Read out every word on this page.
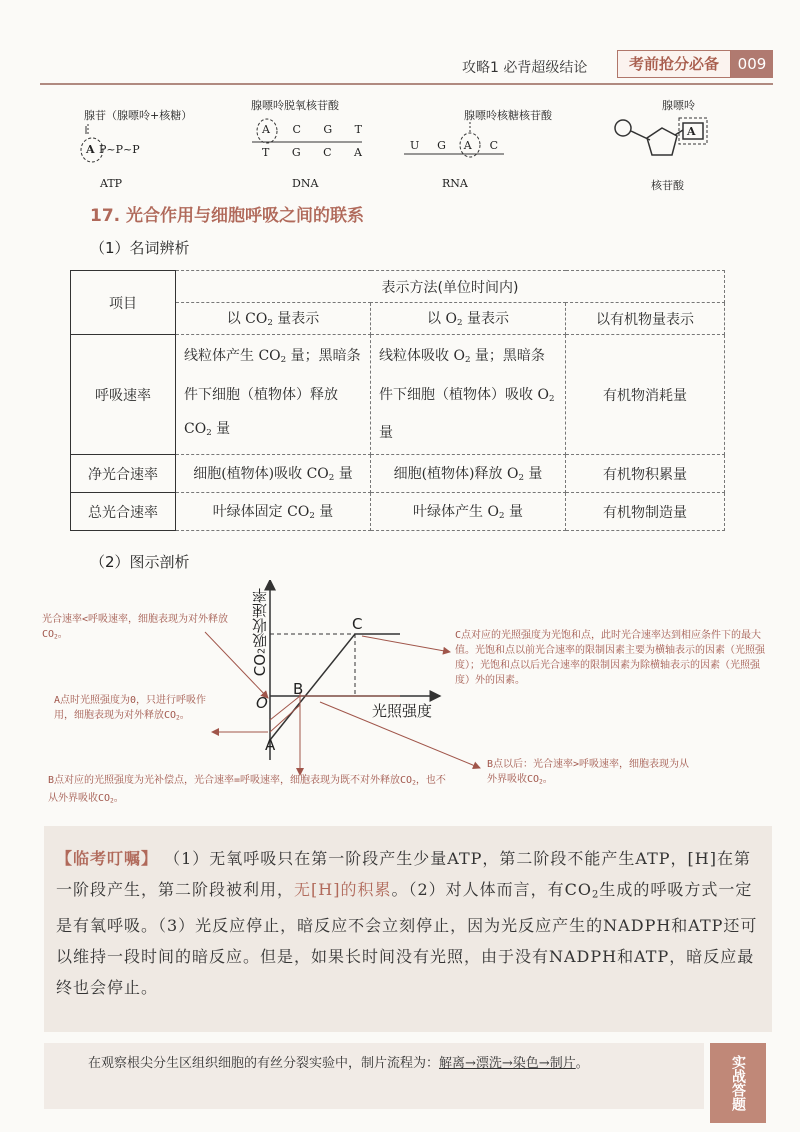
攻略1 必背超级结论	考前抢分必备	009
腺苷（腺嘌呤+核糖）
A P~P~P
ATP
腺嘌呤脱氧核苷酸
A C G T
T G C A
DNA
腺嘌呤核糖核苷酸
U G A C
RNA
腺嘌呤
A
核苷酸
17. 光合作用与细胞呼吸之间的联系
（1）名词辨析
项目	表示方法(单位时间内)		
	以 $CO_2$ 量表示	以 $O_2$ 量表示	以有机物量表示
呼吸速率	线粒体产生 $CO_2$ 量；黑暗条件下细胞（植物体）释放 $CO_2$ 量	线粒体吸收 $O_2$ 量；黑暗条件下细胞（植物体）吸收 $O_2$ 量	有机物消耗量
净光合速率	细胞(植物体)吸收 $CO_2$ 量	细胞(植物体)释放 $O_2$ 量	有机物积累量
总光合速率	叶绿体固定 $CO_2$ 量	叶绿体产生 $O_2$ 量	有机物制造量
（2）图示剖析
$CO_2$吸收速率
光照强度
O
A
B
C
光合速率<呼吸速率，细胞表现为对外释放$CO_2$。
A点时光照强度为0，只进行呼吸作用，细胞表现为对外释放$CO_2$。
B点对应的光照强度为光补偿点，光合速率=呼吸速率，细胞表现为既不对外释放$CO_2$，也不从外界吸收$CO_2$。
C点对应的光照强度为光饱和点，此时光合速率达到相应条件下的最大值。光饱和点以前光合速率的限制因素主要为横轴表示的因素（光照强度）；光饱和点以后光合速率的限制因素为除横轴表示的因素（光照强度）外的因素。
B点以后：光合速率>呼吸速率，细胞表现为从外界吸收$CO_2$。
【临考叮嘱】 （1）无氧呼吸只在第一阶段产生少量ATP，第二阶段不能产生ATP，[H]在第一阶段产生，第二阶段被利用，无[H]的积累。（2）对人体而言，有$CO_2$生成的呼吸方式一定是有氧呼吸。（3）光反应停止，暗反应不会立刻停止，因为光反应产生的NADPH和ATP还可以维持一段时间的暗反应。但是，如果长时间没有光照，由于没有NADPH和ATP，暗反应最终也会停止。
在观察根尖分生区组织细胞的有丝分裂实验中，制片流程为：解离→漂洗→染色→制片。	实战答题
